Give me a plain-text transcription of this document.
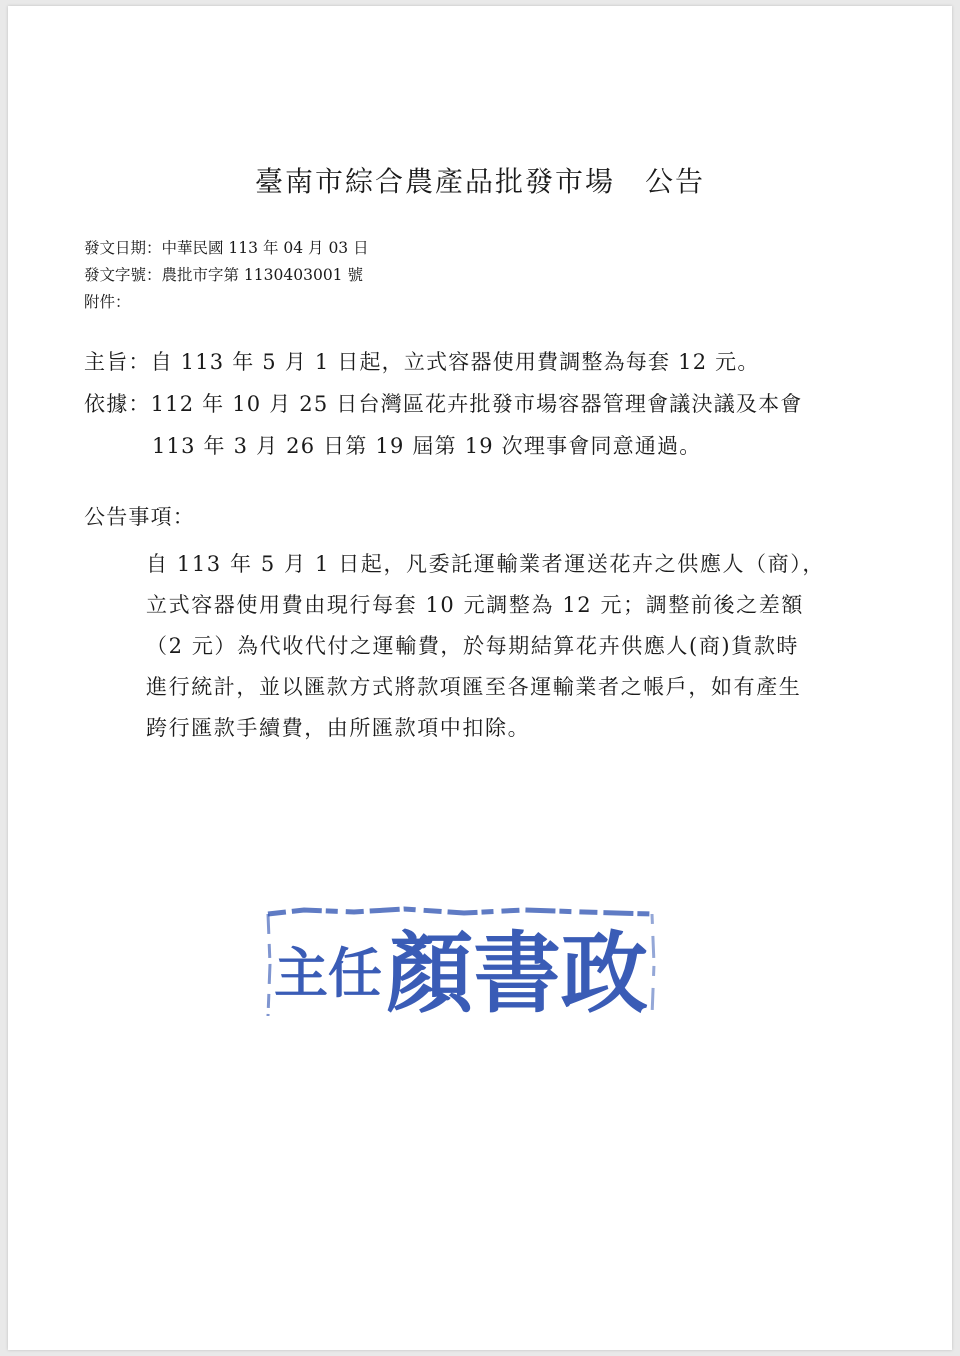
臺南市綜合農產品批發市場　公告
發文日期：中華民國 113 年 04 月 03 日
發文字號：農批市字第 1130403001 號
附件：
主旨：自 113 年 5 月 1 日起，立式容器使用費調整為每套 12 元。
依據：112 年 10 月 25 日台灣區花卉批發市場容器管理會議決議及本會
113 年 3 月 26 日第 19 屆第 19 次理事會同意通過。
公告事項：
自 113 年 5 月 1 日起，凡委託運輸業者運送花卉之供應人（商），
立式容器使用費由現行每套 10 元調整為 12 元；調整前後之差額
（2 元）為代收代付之運輸費，於每期結算花卉供應人(商)貨款時
進行統計，並以匯款方式將款項匯至各運輸業者之帳戶，如有產生
跨行匯款手續費，由所匯款項中扣除。
主任 顏書政
